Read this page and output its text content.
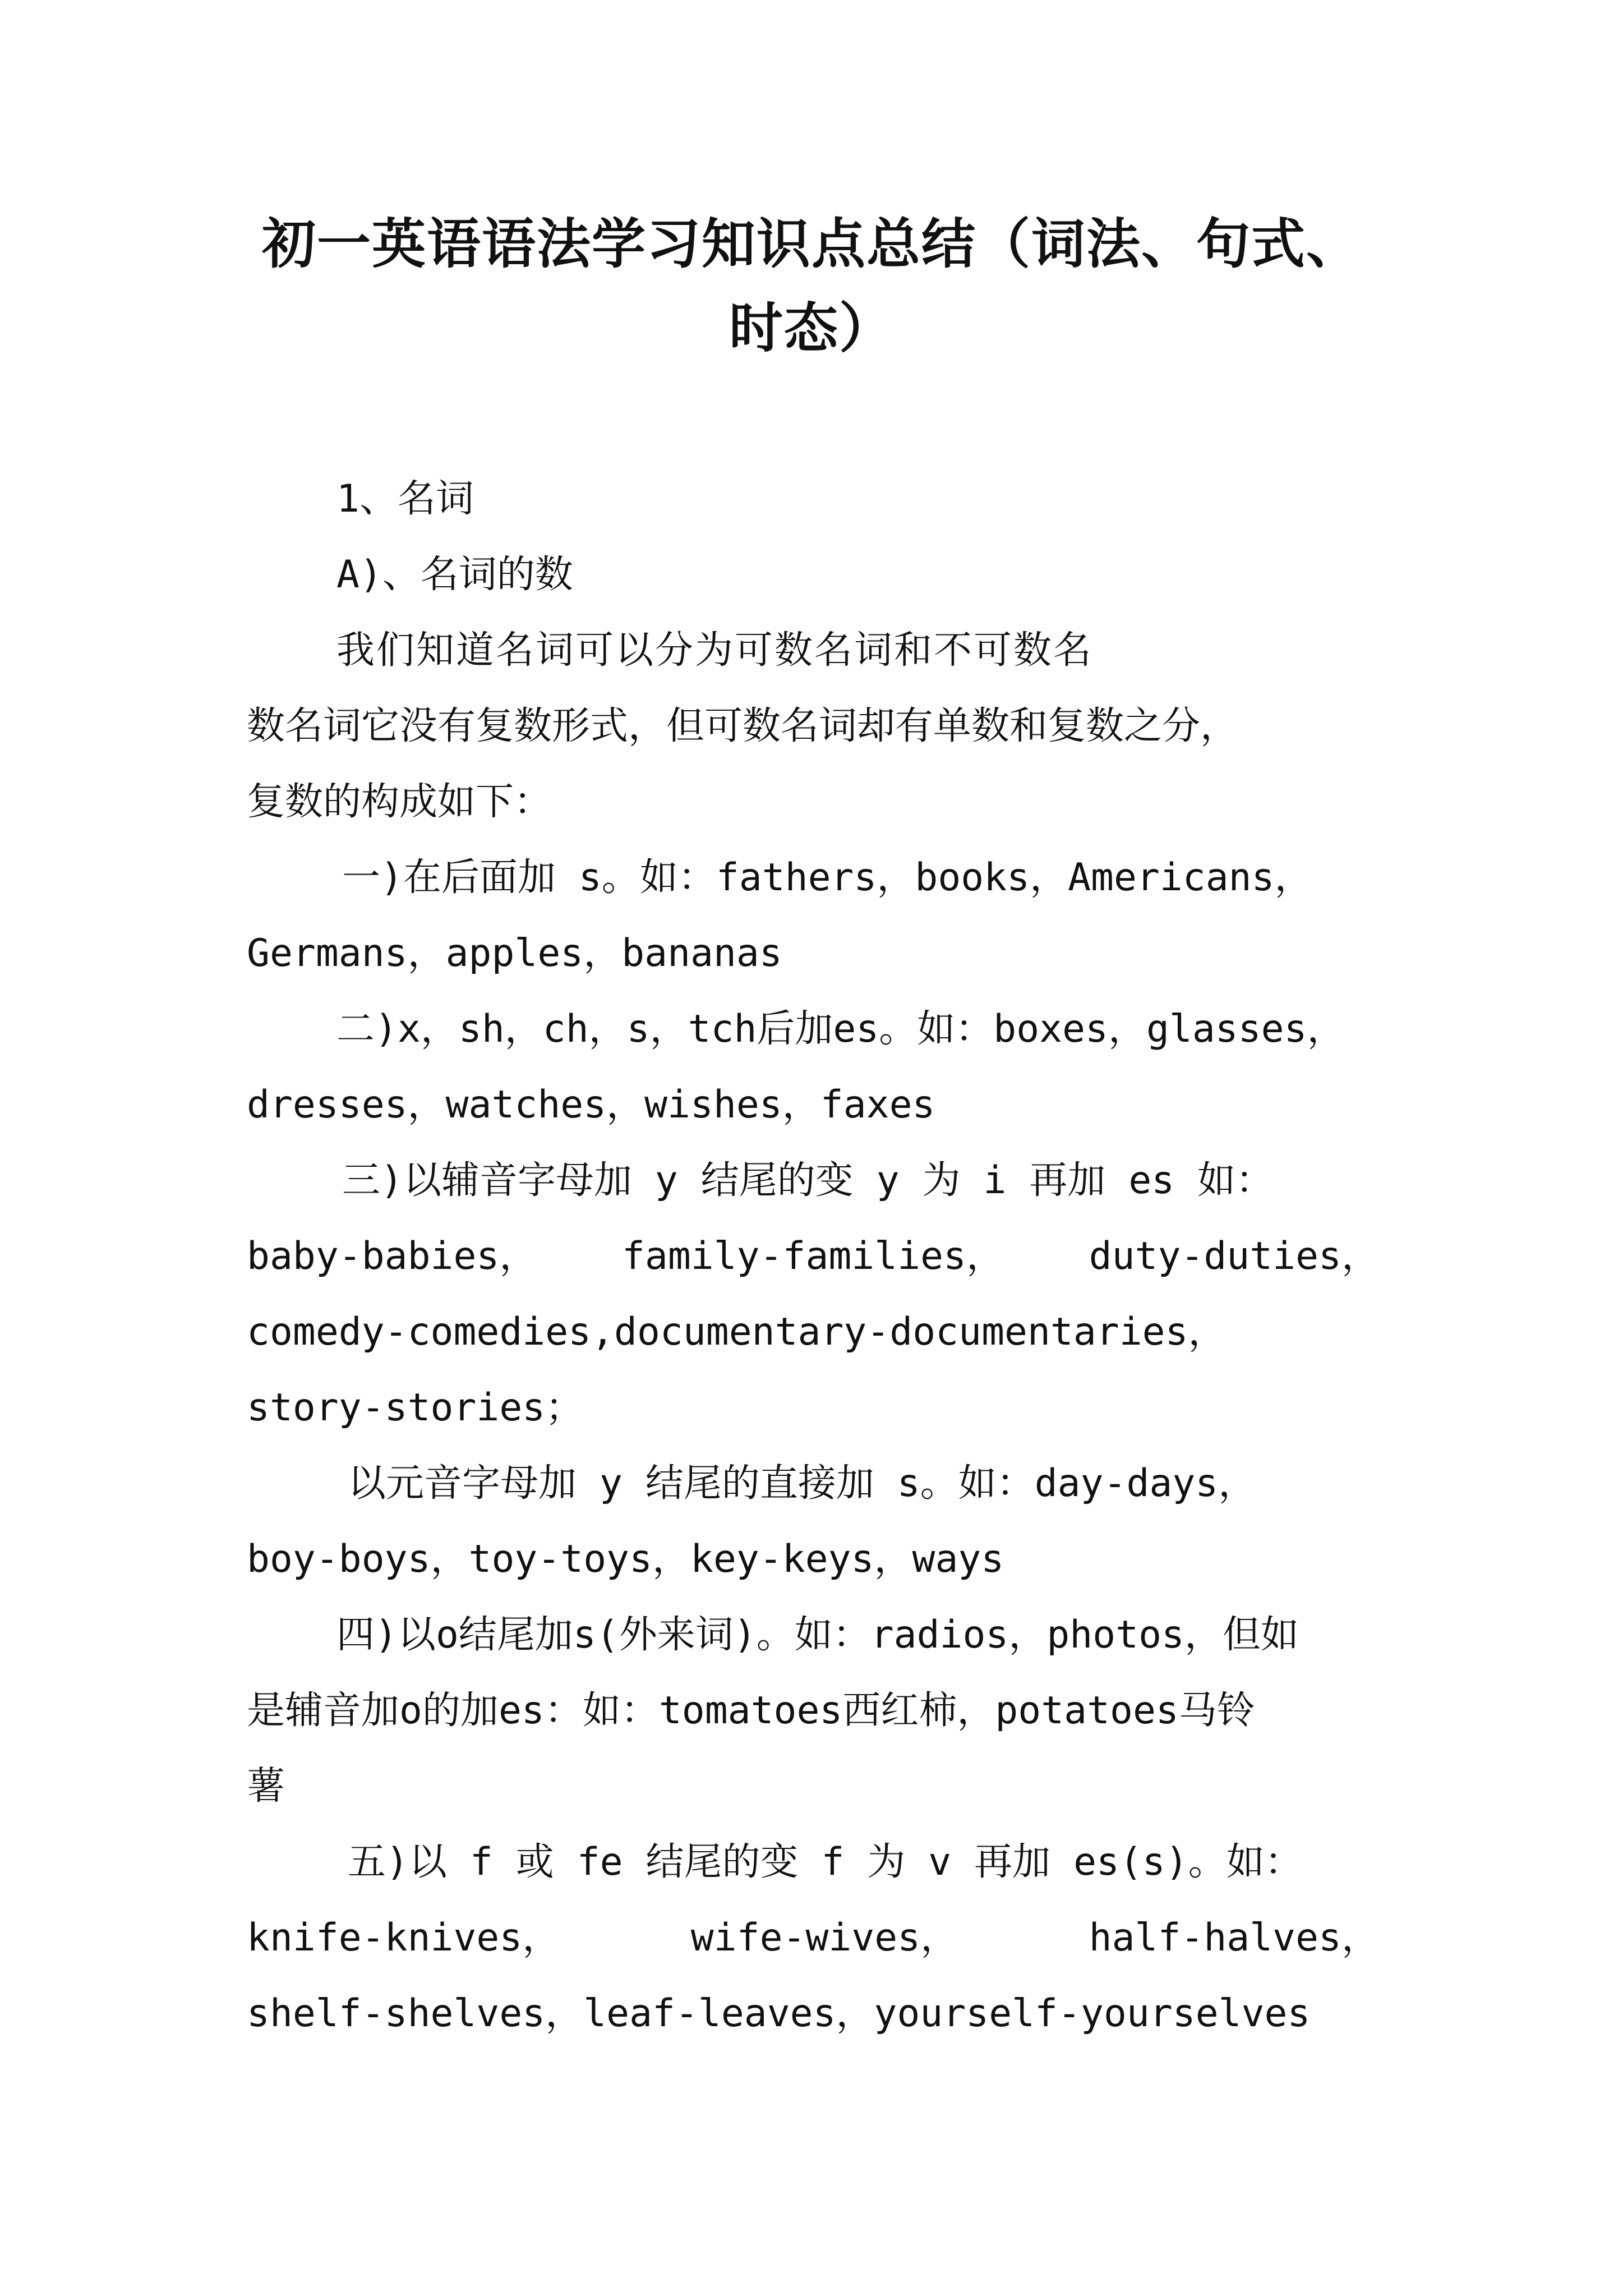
初一英语语法学习知识点总结（词法、句式、
时态）
1、名词
A)、名词的数
我们知道名词可以分为可数名词和不可数名
数名词它没有复数形式，但可数名词却有单数和复数之分，
复数的构成如下：
一)在后面加 s。如：fathers，books，Americans，
Germans，apples，bananas
二)x，sh，ch，s，tch后加es。如：boxes，glasses，
dresses，watches，wishes，faxes
三)以辅音字母加 y 结尾的变 y 为 i 再加 es 如：
baby-babies， family-families， duty-duties，
comedy-comedies,documentary-documentaries，
story-stories；
以元音字母加 y 结尾的直接加 s。如：day-days，
boy-boys，toy-toys，key-keys，ways
四)以o结尾加s(外来词)。如：radios，photos，但如
是辅音加o的加es：如：tomatoes西红柿，potatoes马铃
薯
五)以 f 或 fe 结尾的变 f 为 v 再加 es(s)。如：
knife-knives，	wife-wives，	half-halves，
shelf-shelves，leaf-leaves，yourself-yourselves
